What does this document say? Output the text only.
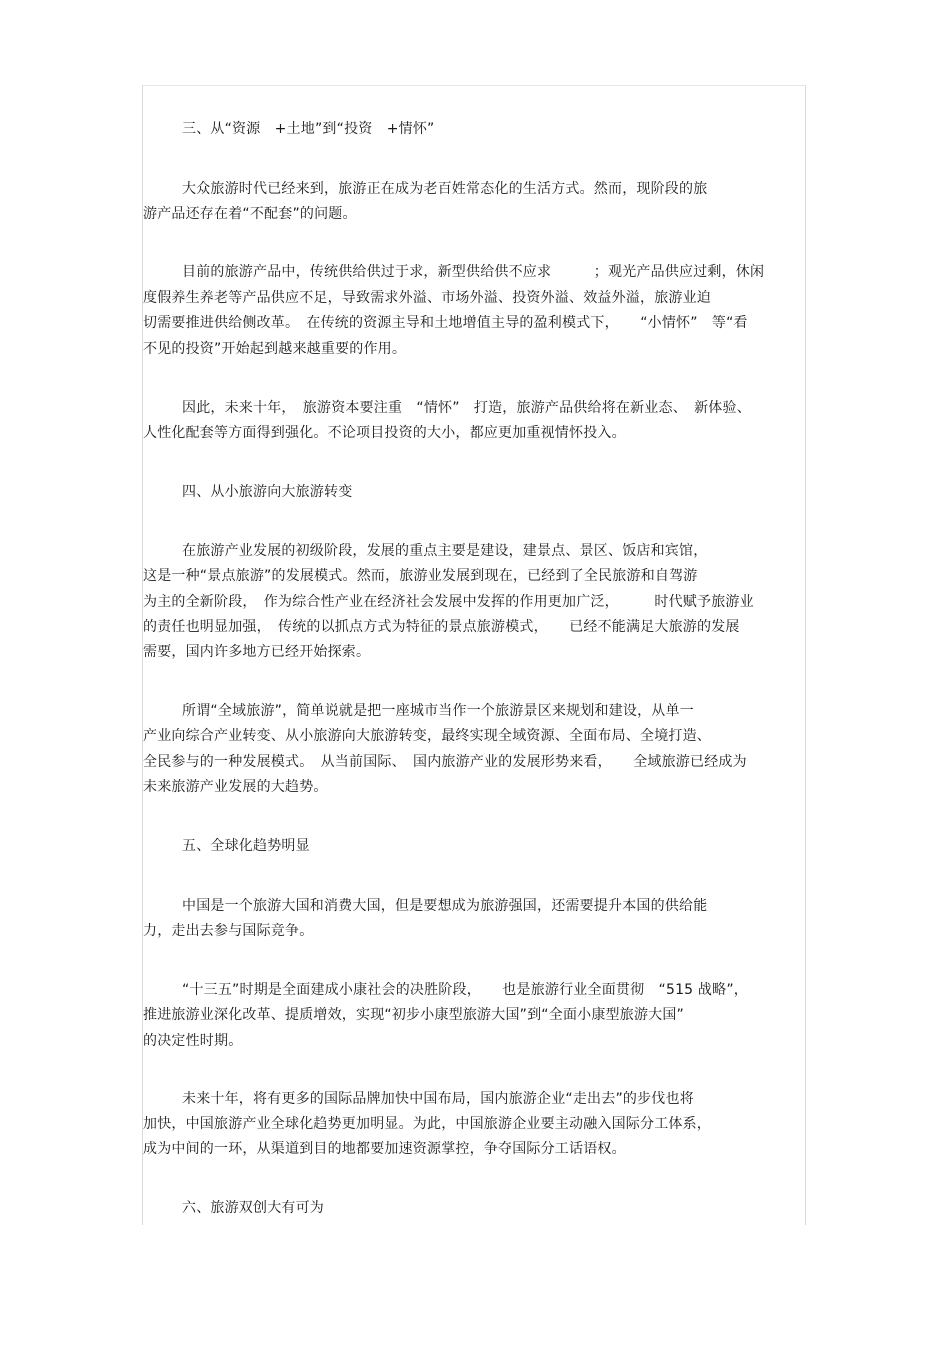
三、从“资源　+土地”到“投资　+情怀”
大众旅游时代已经来到，旅游正在成为老百姓常态化的生活方式。然而，现阶段的旅
游产品还存在着“不配套”的问题。
目前的旅游产品中，传统供给供过于求，新型供给供不应求　　　；观光产品供应过剩，休闲
度假养生养老等产品供应不足，导致需求外溢、市场外溢、投资外溢、效益外溢，旅游业迫
切需要推进供给侧改革。　在传统的资源主导和土地增值主导的盈利模式下，　　“小情怀”　等“看
不见的投资”开始起到越来越重要的作用。
因此，未来十年，　旅游资本要注重　“情怀”　打造，旅游产品供给将在新业态、　新体验、
人性化配套等方面得到强化。不论项目投资的大小，都应更加重视情怀投入。
四、从小旅游向大旅游转变
在旅游产业发展的初级阶段，发展的重点主要是建设，建景点、景区、饭店和宾馆，
这是一种“景点旅游”的发展模式。然而，旅游业发展到现在，已经到了全民旅游和自驾游
为主的全新阶段，　作为综合性产业在经济社会发展中发挥的作用更加广泛，　　　时代赋予旅游业
的责任也明显加强，　传统的以抓点方式为特征的景点旅游模式，　　已经不能满足大旅游的发展
需要，国内许多地方已经开始探索。
所谓“全域旅游”，简单说就是把一座城市当作一个旅游景区来规划和建设，从单一
产业向综合产业转变、从小旅游向大旅游转变，最终实现全域资源、全面布局、全境打造、
全民参与的一种发展模式。　从当前国际、　国内旅游产业的发展形势来看，　　全域旅游已经成为
未来旅游产业发展的大趋势。
五、全球化趋势明显
中国是一个旅游大国和消费大国，但是要想成为旅游强国，还需要提升本国的供给能
力，走出去参与国际竞争。
“十三五”时期是全面建成小康社会的决胜阶段，　　也是旅游行业全面贯彻　“515 战略”，
推进旅游业深化改革、提质增效，实现“初步小康型旅游大国”到“全面小康型旅游大国”
的决定性时期。
未来十年，将有更多的国际品牌加快中国布局，国内旅游企业“走出去”的步伐也将
加快，中国旅游产业全球化趋势更加明显。为此，中国旅游企业要主动融入国际分工体系，
成为中间的一环，从渠道到目的地都要加速资源掌控，争夺国际分工话语权。
六、旅游双创大有可为
